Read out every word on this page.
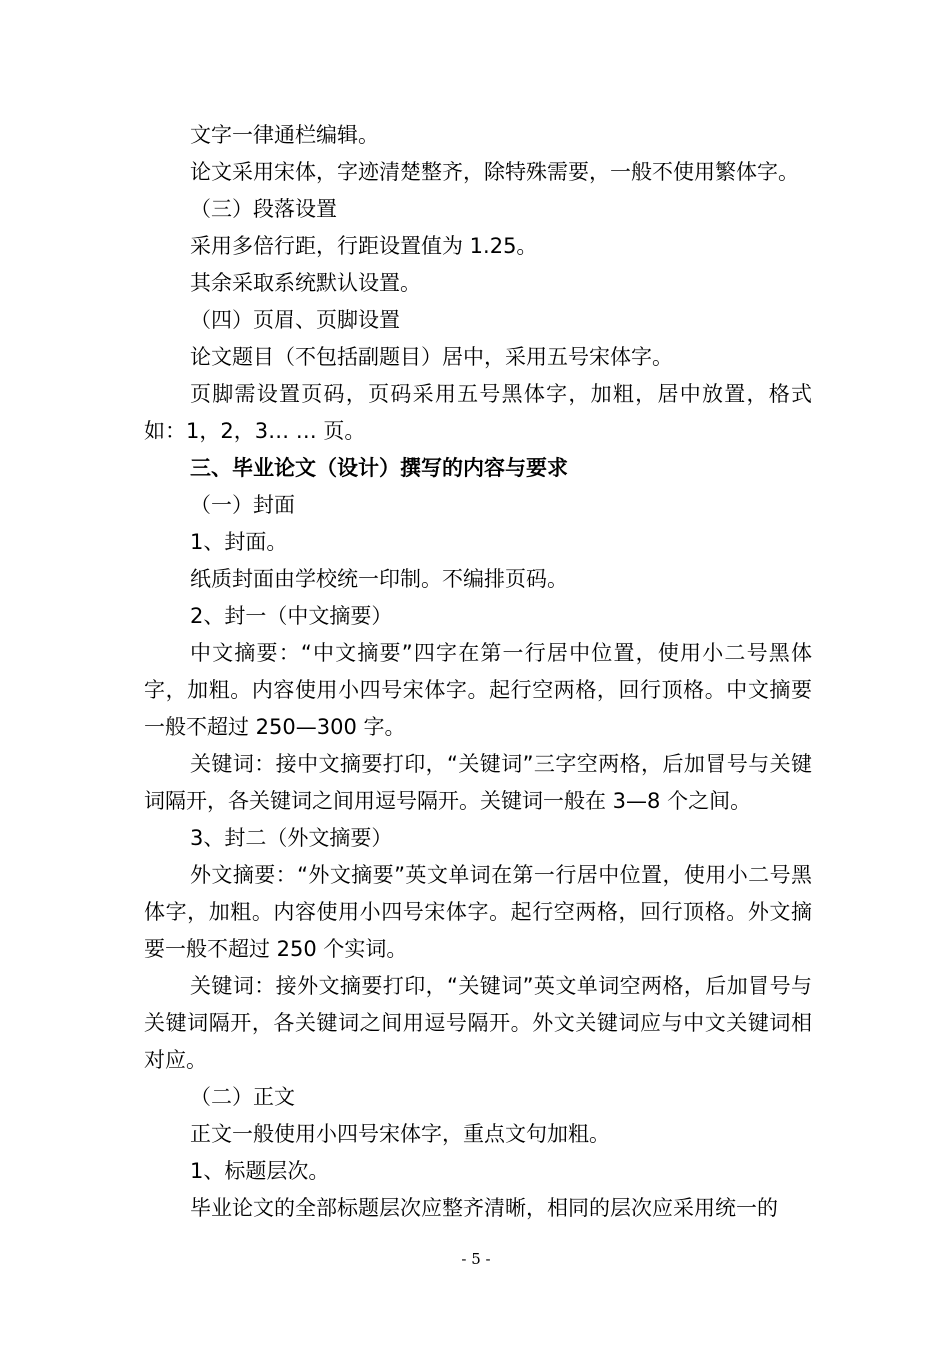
文字一律通栏编辑。

论文采用宋体，字迹清楚整齐，除特殊需要，一般不使用繁体字。

（三）段落设置

采用多倍行距，行距设置值为 1.25。

其余采取系统默认设置。

（四）页眉、页脚设置

论文题目（不包括副题目）居中，采用五号宋体字。

页脚需设置页码，页码采用五号黑体字，加粗，居中放置，格式如：1，2，3… … 页。

三、毕业论文（设计）撰写的内容与要求

（一）封面

1、封面。

纸质封面由学校统一印制。不编排页码。

2、封一（中文摘要）

中文摘要：“中文摘要”四字在第一行居中位置，使用小二号黑体字，加粗。内容使用小四号宋体字。起行空两格，回行顶格。中文摘要一般不超过 250—300 字。

关键词：接中文摘要打印，“关键词”三字空两格，后加冒号与关键词隔开，各关键词之间用逗号隔开。关键词一般在 3—8 个之间。

3、封二（外文摘要）

外文摘要：“外文摘要”英文单词在第一行居中位置，使用小二号黑体字，加粗。内容使用小四号宋体字。起行空两格，回行顶格。外文摘要一般不超过 250 个实词。

关键词：接外文摘要打印，“关键词”英文单词空两格，后加冒号与关键词隔开，各关键词之间用逗号隔开。外文关键词应与中文关键词相对应。

（二）正文

正文一般使用小四号宋体字，重点文句加粗。

1、标题层次。

毕业论文的全部标题层次应整齐清晰，相同的层次应采用统一的

- 5 -
